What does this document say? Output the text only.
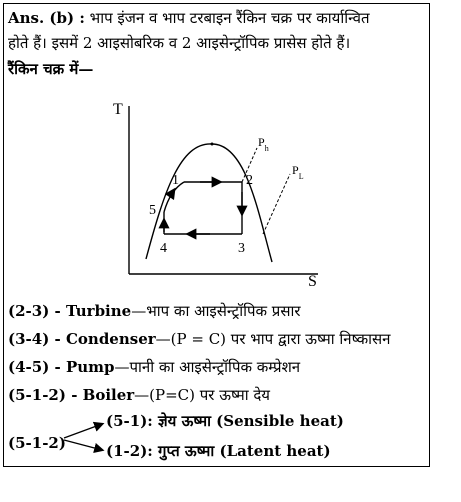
Ans. (b) : भाप इंजन व भाप टरबाइन रैंकिन चक्र पर कार्यान्वित
होते हैं। इसमें 2 आइसोबरिक व 2 आइसेन्ट्रॉपिक प्रासेस होते हैं।
रैंकिन चक्र में—
T
S
$P_h$
$P_L$
1	2
3
4
5
(2-3) - Turbine—भाप का आइसेन्ट्रॉपिक प्रसार
(3-4) - Condenser—(P = C) पर भाप द्वारा ऊष्मा निष्कासन
(4-5) - Pump—पानी का आइसेन्ट्रॉपिक कम्प्रेशन
(5-1-2) - Boiler—(P=C) पर ऊष्मा देय
(5-1-2)
(5-1): ज्ञेय ऊष्मा (Sensible heat)
(1-2): गुप्त ऊष्मा (Latent heat)
